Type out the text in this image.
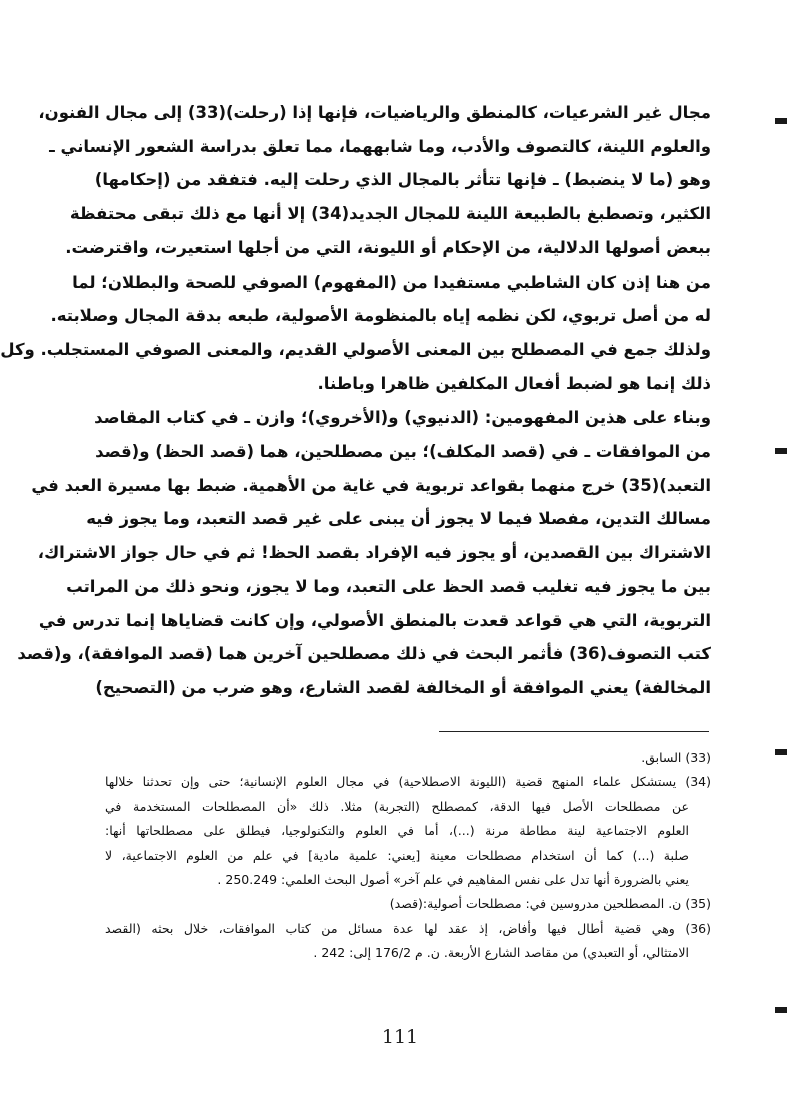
مجال غير الشرعيات، كالمنطق والرياضيات، فإنها إذا (رحلت)(33) إلى مجال الفنون،
والعلوم اللينة، كالتصوف والأدب، وما شابههما، مما تعلق بدراسة الشعور الإنساني ـ
وهو (ما لا ينضبط) ـ فإنها تتأثر بالمجال الذي رحلت إليه. فتفقد من (إحكامها)
الكثير، وتصطبغ بالطبيعة اللينة للمجال الجديد(34) إلا أنها مع ذلك تبقى محتفظة
ببعض أصولها الدلالية، من الإحكام أو الليونة، التي من أجلها استعيرت، واقترضت.

من هنا إذن كان الشاطبي مستفيدا من (المفهوم) الصوفي للصحة والبطلان؛ لما
له من أصل تربوي، لكن نظمه إياه بالمنظومة الأصولية، طبعه بدقة المجال وصلابته.
ولذلك جمع في المصطلح بين المعنى الأصولي القديم، والمعنى الصوفي المستجلب. وكل
ذلك إنما هو لضبط أفعال المكلفين ظاهرا وباطنا.

وبناء على هذين المفهومين: (الدنيوي) و(الأخروي)؛ وازن ـ في كتاب المقاصد
من الموافقات ـ في (قصد المكلف)؛ بين مصطلحين، هما (قصد الحظ) و(قصد
التعبد)(35) خرج منهما بقواعد تربوية في غاية من الأهمية. ضبط بها مسيرة العبد في
مسالك التدين، مفصلا فيما لا يجوز أن يبنى على غير قصد التعبد، وما يجوز فيه
الاشتراك بين القصدين، أو يجوز فيه الإفراد بقصد الحظ! ثم في حال جواز الاشتراك،
بين ما يجوز فيه تغليب قصد الحظ على التعبد، وما لا يجوز، ونحو ذلك من المراتب
التربوية، التي هي قواعد قعدت بالمنطق الأصولي، وإن كانت قضاياها إنما تدرس في
كتب التصوف(36) فأثمر البحث في ذلك مصطلحين آخرين هما (قصد الموافقة)، و(قصد
المخالفة) يعني الموافقة أو المخالفة لقصد الشارع، وهو ضرب من (التصحيح)

(33) السابق.
(34) يستشكل علماء المنهج قضية (الليونة الاصطلاحية) في مجال العلوم الإنسانية؛ حتى وإن تحدثنا خلالها
عن مصطلحات الأصل فيها الدقة، كمصطلح (التجربة) مثلا. ذلك «أن المصطلحات المستخدمة في
العلوم الاجتماعية لينة مطاطة مرنة (...)، أما في العلوم والتكنولوجيا، فيطلق على مصطلحاتها أنها:
صلبة (...) كما أن استخدام مصطلحات معينة [يعني: علمية مادية] في علم من العلوم الاجتماعية، لا
يعني بالضرورة أنها تدل على نفس المفاهيم في علم آخر» أصول البحث العلمي: 250.249 .
(35) ن. المصطلحين مدروسين في: مصطلحات أصولية:(قصد)
(36) وهي قضية أطال فيها وأفاض، إذ عقد لها عدة مسائل من كتاب الموافقات، خلال بحثه (القصد
الامتثالي، أو التعبدي) من مقاصد الشارع الأربعة. ن. م 176/2 إلى: 242 .
111
